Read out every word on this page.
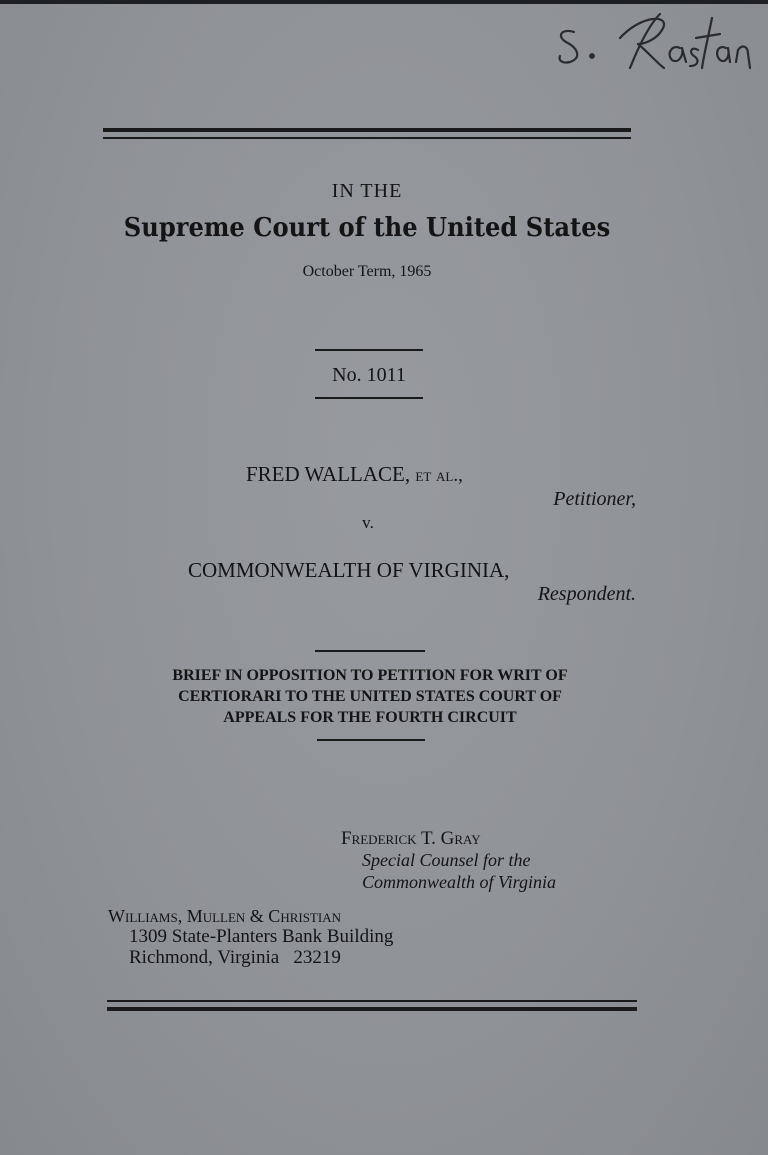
IN THE
Supreme Court of the United States
October Term, 1965
No. 1011
FRED WALLACE, et al.,
Petitioner,
v.
COMMONWEALTH OF VIRGINIA,
Respondent.
BRIEF IN OPPOSITION TO PETITION FOR WRIT OF
CERTIORARI TO THE UNITED STATES COURT OF
APPEALS FOR THE FOURTH CIRCUIT
Frederick T. Gray
Special Counsel for the
Commonwealth of Virginia
Williams, Mullen & Christian
1309 State-Planters Bank Building
Richmond, Virginia   23219
